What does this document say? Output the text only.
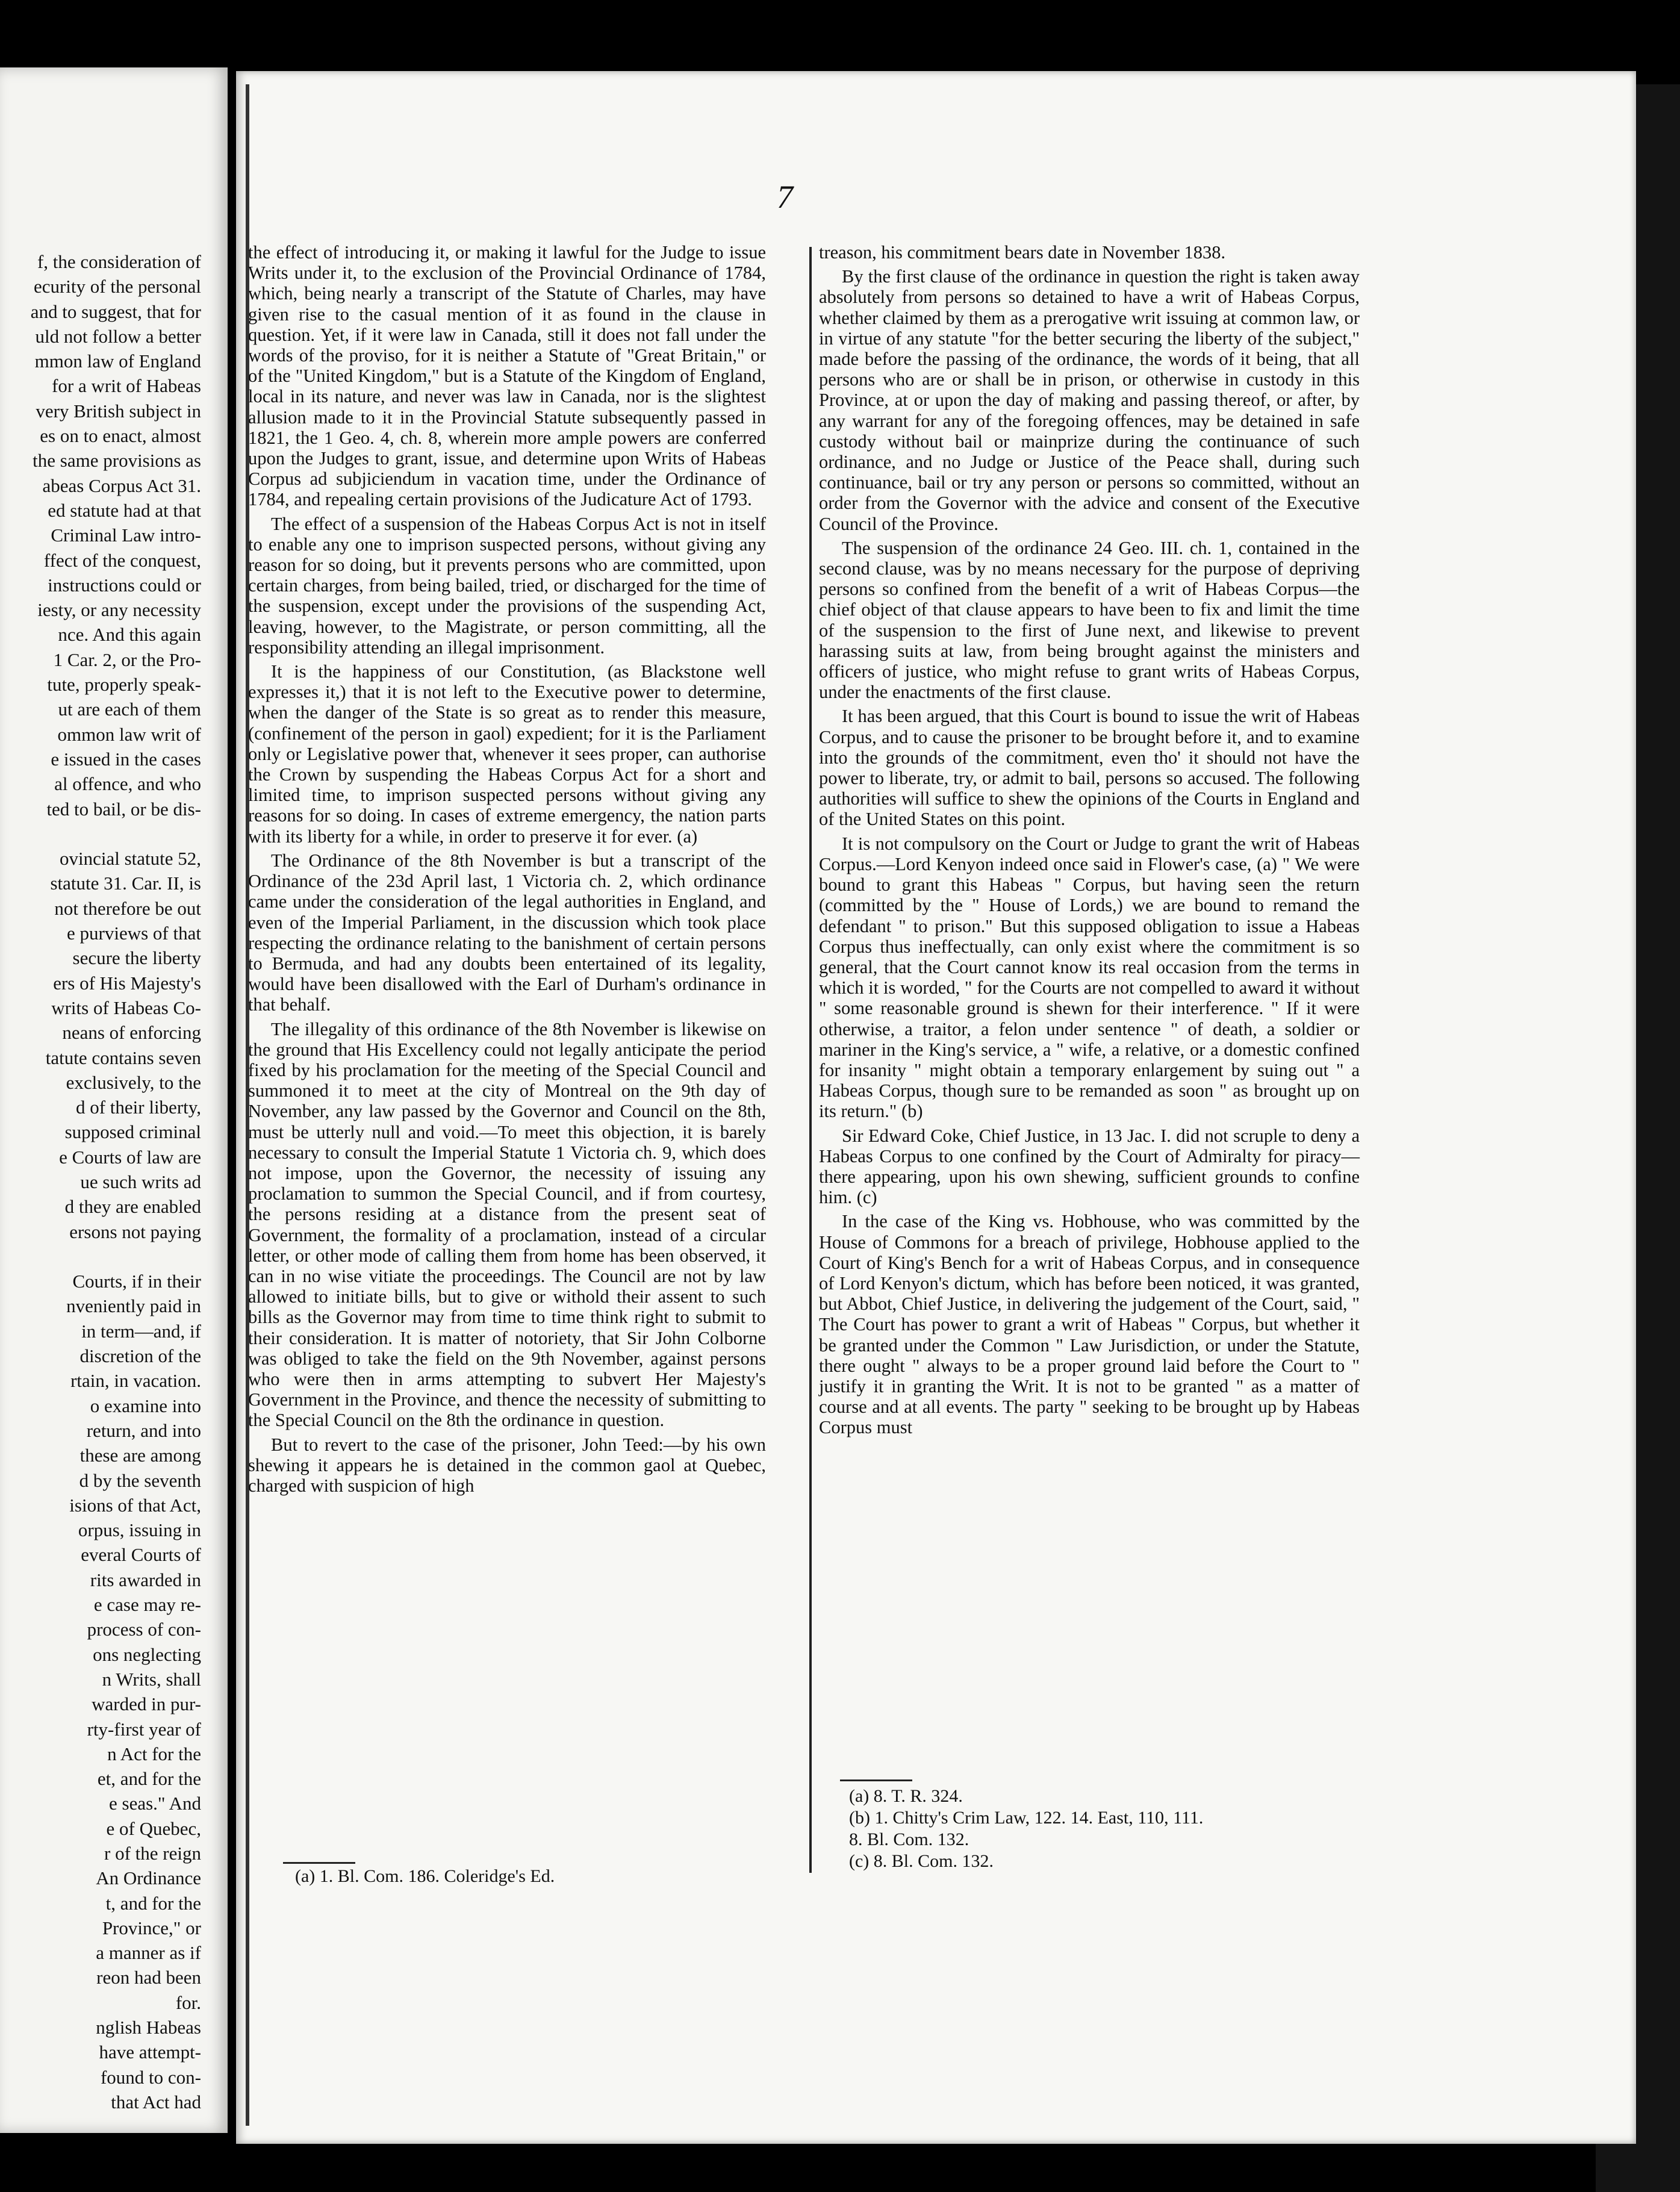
f, the consideration of
ecurity of the personal
and to suggest, that for
uld not follow a better
mmon law of England
for a writ of Habeas
very British subject in
es on to enact, almost
the same provisions as
abeas Corpus Act 31.
ed statute had at that
Criminal Law intro-
ffect of the conquest,
instructions could or
iesty, or any necessity
nce. And this again
1 Car. 2, or the Pro-
tute, properly speak-
ut are each of them
ommon law writ of
e issued in the cases
al offence, and who
ted to bail, or be dis-
ovincial statute 52,
statute 31. Car. II, is
not therefore be out
e purviews of that
secure the liberty
ers of His Majesty's
writs of Habeas Co-
neans of enforcing
tatute contains seven
exclusively, to the
d of their liberty,
supposed criminal
e Courts of law are
ue such writs ad
d they are enabled
ersons not paying
Courts, if in their
nveniently paid in
in term—and, if
discretion of the
rtain, in vacation.
o examine into
return, and into
these are among
d by the seventh
isions of that Act,
orpus, issuing in
everal Courts of
rits awarded in
e case may re-
process of con-
ons neglecting
n Writs, shall
warded in pur-
rty-first year of
n Act for the
et, and for the
e seas." And
e of Quebec,
r of the reign
An Ordinance
t, and for the
Province," or
a manner as if
reon had been
for.
nglish Habeas
have attempt-
found to con-
that Act had
7

the effect of introducing it, or making it lawful for the Judge to issue Writs under it, to the exclusion of the Provincial Ordinance of 1784, which, being nearly a transcript of the Statute of Charles, may have given rise to the casual mention of it as found in the clause in question. Yet, if it were law in Canada, still it does not fall under the words of the proviso, for it is neither a Statute of "Great Britain," or of the "United Kingdom," but is a Statute of the Kingdom of England, local in its nature, and never was law in Canada, nor is the slightest allusion made to it in the Provincial Statute subsequently passed in 1821, the 1 Geo. 4, ch. 8, wherein more ample powers are conferred upon the Judges to grant, issue, and determine upon Writs of Habeas Corpus ad subjiciendum in vacation time, under the Ordinance of 1784, and repealing certain provisions of the Judicature Act of 1793.

The effect of a suspension of the Habeas Corpus Act is not in itself to enable any one to imprison suspected persons, without giving any reason for so doing, but it prevents persons who are committed, upon certain charges, from being bailed, tried, or discharged for the time of the suspension, except under the provisions of the suspending Act, leaving, however, to the Magistrate, or person committing, all the responsibility attending an illegal imprisonment.

It is the happiness of our Constitution, (as Blackstone well expresses it,) that it is not left to the Executive power to determine, when the danger of the State is so great as to render this measure, (confinement of the person in gaol) expedient; for it is the Parliament only or Legislative power that, whenever it sees proper, can authorise the Crown by suspending the Habeas Corpus Act for a short and limited time, to imprison suspected persons without giving any reasons for so doing. In cases of extreme emergency, the nation parts with its liberty for a while, in order to preserve it for ever. (a)

The Ordinance of the 8th November is but a transcript of the Ordinance of the 23d April last, 1 Victoria ch. 2, which ordinance came under the consideration of the legal authorities in England, and even of the Imperial Parliament, in the discussion which took place respecting the ordinance relating to the banishment of certain persons to Bermuda, and had any doubts been entertained of its legality, would have been disallowed with the Earl of Durham's ordinance in that behalf.

The illegality of this ordinance of the 8th November is likewise on the ground that His Excellency could not legally anticipate the period fixed by his proclamation for the meeting of the Special Council and summoned it to meet at the city of Montreal on the 9th day of November, any law passed by the Governor and Council on the 8th, must be utterly null and void.—To meet this objection, it is barely necessary to consult the Imperial Statute 1 Victoria ch. 9, which does not impose, upon the Governor, the necessity of issuing any proclamation to summon the Special Council, and if from courtesy, the persons residing at a distance from the present seat of Government, the formality of a proclamation, instead of a circular letter, or other mode of calling them from home has been observed, it can in no wise vitiate the proceedings. The Council are not by law allowed to initiate bills, but to give or withold their assent to such bills as the Governor may from time to time think right to submit to their consideration. It is matter of notoriety, that Sir John Colborne was obliged to take the field on the 9th November, against persons who were then in arms attempting to subvert Her Majesty's Government in the Province, and thence the necessity of submitting to the Special Council on the 8th the ordinance in question.

But to revert to the case of the prisoner, John Teed:—by his own shewing it appears he is detained in the common gaol at Quebec, charged with suspicion of high

treason, his commitment bears date in November 1838.

By the first clause of the ordinance in question the right is taken away absolutely from persons so detained to have a writ of Habeas Corpus, whether claimed by them as a prerogative writ issuing at common law, or in virtue of any statute "for the better securing the liberty of the subject," made before the passing of the ordinance, the words of it being, that all persons who are or shall be in prison, or otherwise in custody in this Province, at or upon the day of making and passing thereof, or after, by any warrant for any of the foregoing offences, may be detained in safe custody without bail or mainprize during the continuance of such ordinance, and no Judge or Justice of the Peace shall, during such continuance, bail or try any person or persons so committed, without an order from the Governor with the advice and consent of the Executive Council of the Province.

The suspension of the ordinance 24 Geo. III. ch. 1, contained in the second clause, was by no means necessary for the purpose of depriving persons so confined from the benefit of a writ of Habeas Corpus—the chief object of that clause appears to have been to fix and limit the time of the suspension to the first of June next, and likewise to prevent harassing suits at law, from being brought against the ministers and officers of justice, who might refuse to grant writs of Habeas Corpus, under the enactments of the first clause.

It has been argued, that this Court is bound to issue the writ of Habeas Corpus, and to cause the prisoner to be brought before it, and to examine into the grounds of the commitment, even tho' it should not have the power to liberate, try, or admit to bail, persons so accused. The following authorities will suffice to shew the opinions of the Courts in England and of the United States on this point.

It is not compulsory on the Court or Judge to grant the writ of Habeas Corpus.—Lord Kenyon indeed once said in Flower's case, (a) " We were bound to grant this Habeas " Corpus, but having seen the return (committed by the " House of Lords,) we are bound to remand the defendant " to prison." But this supposed obligation to issue a Habeas Corpus thus ineffectually, can only exist where the commitment is so general, that the Court cannot know its real occasion from the terms in which it is worded, " for the Courts are not compelled to award it without " some reasonable ground is shewn for their interference. " If it were otherwise, a traitor, a felon under sentence " of death, a soldier or mariner in the King's service, a " wife, a relative, or a domestic confined for insanity " might obtain a temporary enlargement by suing out " a Habeas Corpus, though sure to be remanded as soon " as brought up on its return." (b)

Sir Edward Coke, Chief Justice, in 13 Jac. I. did not scruple to deny a Habeas Corpus to one confined by the Court of Admiralty for piracy—there appearing, upon his own shewing, sufficient grounds to confine him. (c)

In the case of the King vs. Hobhouse, who was committed by the House of Commons for a breach of privilege, Hobhouse applied to the Court of King's Bench for a writ of Habeas Corpus, and in consequence of Lord Kenyon's dictum, which has before been noticed, it was granted, but Abbot, Chief Justice, in delivering the judgement of the Court, said, " The Court has power to grant a writ of Habeas " Corpus, but whether it be granted under the Common " Law Jurisdiction, or under the Statute, there ought " always to be a proper ground laid before the Court to " justify it in granting the Writ. It is not to be granted " as a matter of course and at all events. The party " seeking to be brought up by Habeas Corpus must

(a) 1. Bl. Com. 186. Coleridge's Ed.
(a) 8. T. R. 324.
(b) 1. Chitty's Crim Law, 122. 14. East, 110, 111.
8. Bl. Com. 132.
(c) 8. Bl. Com. 132.
